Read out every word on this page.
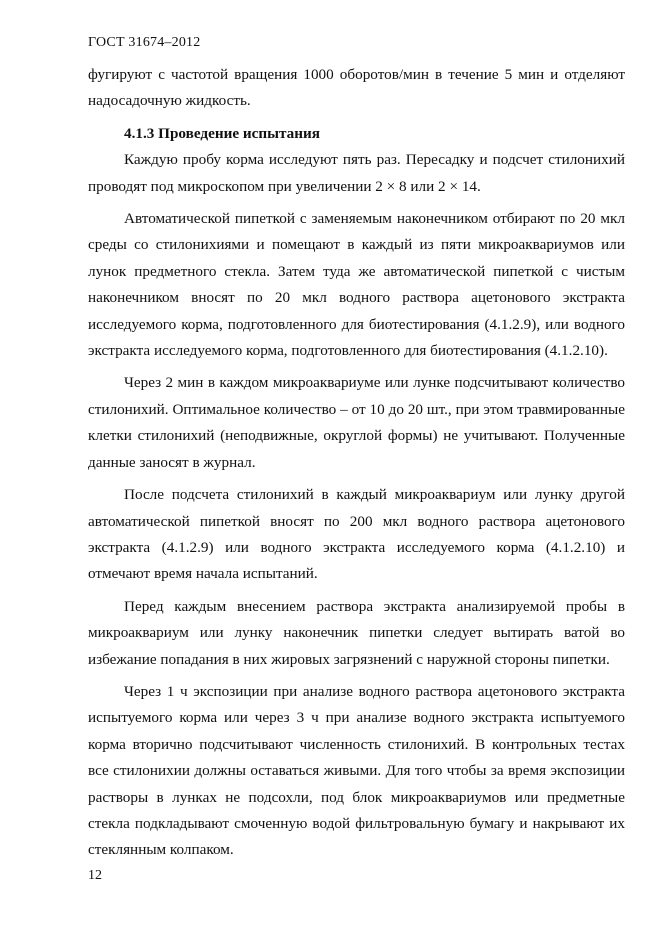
ГОСТ 31674–2012

фугируют с частотой вращения 1000 оборотов/мин в течение 5 мин и отделяют надосадочную жидкость.

4.1.3 Проведение испытания

Каждую пробу корма исследуют пять раз. Пересадку и подсчет стилонихий проводят под микроскопом при увеличении 2 × 8 или 2 × 14.

Автоматической пипеткой с заменяемым наконечником отбирают по 20 мкл среды со стилонихиями и помещают в каждый из пяти микроаквариумов или лунок предметного стекла. Затем туда же автоматической пипеткой с чистым наконечником вносят по 20 мкл водного раствора ацетонового экстракта исследуемого корма, подготовленного для биотестирования (4.1.2.9), или водного экстракта исследуемого корма, подготовленного для биотестирования (4.1.2.10).

Через 2 мин в каждом микроаквариуме или лунке подсчитывают количество стилонихий. Оптимальное количество – от 10 до 20 шт., при этом травмированные клетки стилонихий (неподвижные, округлой формы) не учитывают. Полученные данные заносят в журнал.

После подсчета стилонихий в каждый микроаквариум или лунку другой автоматической пипеткой вносят по 200 мкл водного раствора ацетонового экстракта (4.1.2.9) или водного экстракта исследуемого корма (4.1.2.10) и отмечают время начала испытаний.

Перед каждым внесением раствора экстракта анализируемой пробы в микроаквариум или лунку наконечник пипетки следует вытирать ватой во избежание попадания в них жировых загрязнений с наружной стороны пипетки.

Через 1 ч экспозиции при анализе водного раствора ацетонового экстракта испытуемого корма или через 3 ч при анализе водного экстракта испытуемого корма вторично подсчитывают численность стилонихий. В контрольных тестах все стилонихии должны оставаться живыми. Для того чтобы за время экспозиции растворы в лунках не подсохли, под блок микроаквариумов или предметные стекла подкладывают смоченную водой фильтровальную бумагу и накрывают их стеклянным колпаком.

12
